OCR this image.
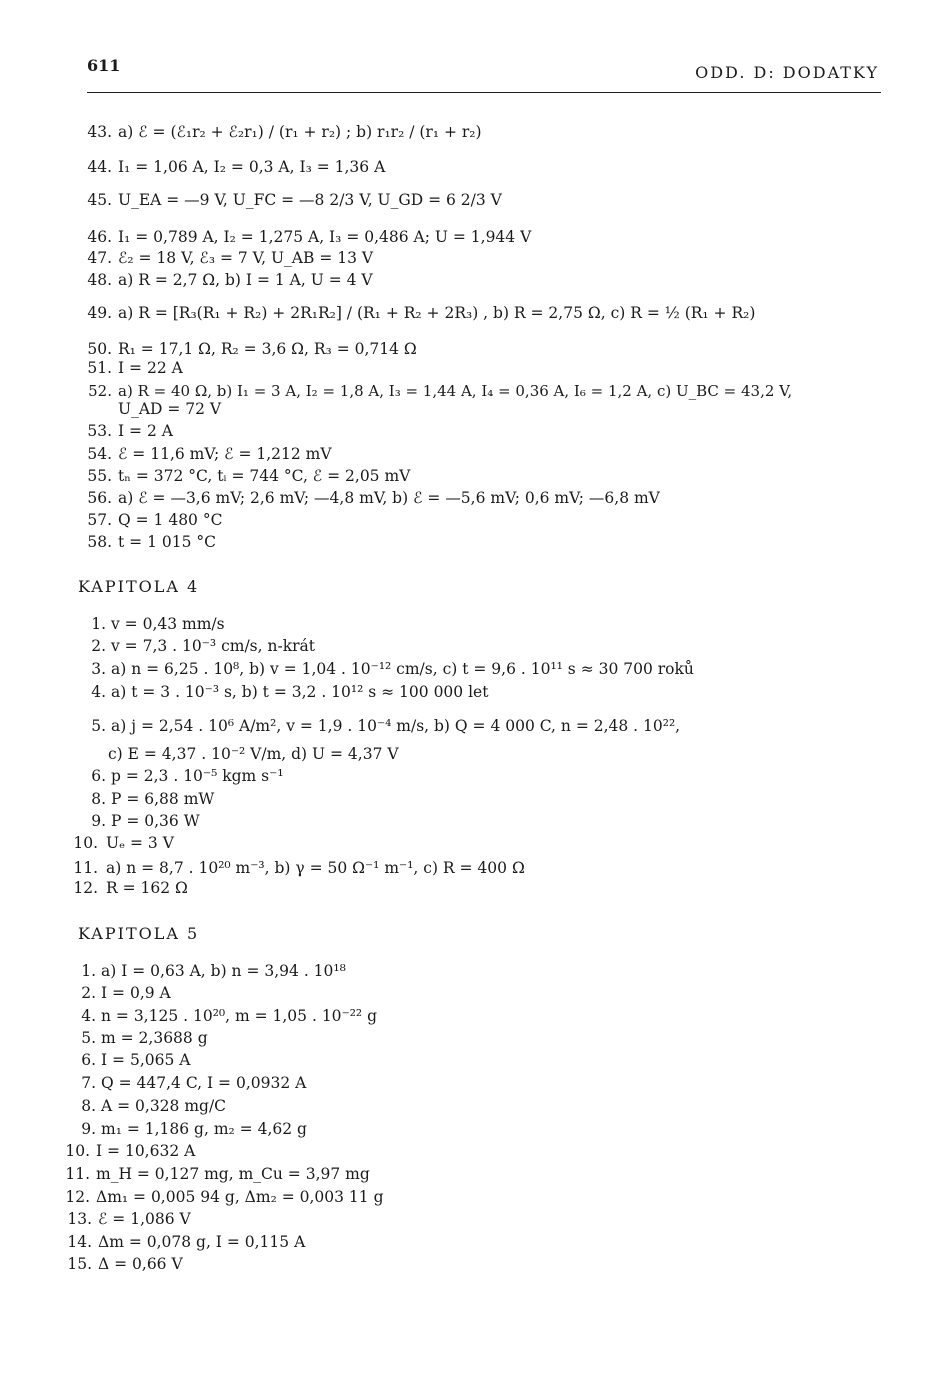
611	ODD. D: DODATKY
43. a) ℰ = (ℰ₁r₂ + ℰ₂r₁) / (r₁ + r₂) ; b) r₁r₂ / (r₁ + r₂)
44. I₁ = 1,06 A, I₂ = 0,3 A, I₃ = 1,36 A
45. U_EA = —9 V, U_FC = —8 2/3 V, U_GD = 6 2/3 V
46. I₁ = 0,789 A, I₂ = 1,275 A, I₃ = 0,486 A; U = 1,944 V
47. ℰ₂ = 18 V, ℰ₃ = 7 V, U_AB = 13 V
48. a) R = 2,7 Ω, b) I = 1 A, U = 4 V
49. a) R = [R₃(R₁ + R₂) + 2R₁R₂] / (R₁ + R₂ + 2R₃) , b) R = 2,75 Ω, c) R = ½ (R₁ + R₂)
50. R₁ = 17,1 Ω, R₂ = 3,6 Ω, R₃ = 0,714 Ω
51. I = 22 A
52. a) R = 40 Ω, b) I₁ = 3 A, I₂ = 1,8 A, I₃ = 1,44 A, I₄ = 0,36 A, I₆ = 1,2 A, c) U_BC = 43,2 V,
U_AD = 72 V
53. I = 2 A
54. ℰ = 11,6 mV; ℰ = 1,212 mV
55. tₙ = 372 °C, tᵢ = 744 °C, ℰ = 2,05 mV
56. a) ℰ = —3,6 mV; 2,6 mV; —4,8 mV, b) ℰ = —5,6 mV; 0,6 mV; —6,8 mV
57. Q = 1 480 °C
58. t = 1 015 °C
KAPITOLA 4
1. v = 0,43 mm/s
2. v = 7,3 . 10⁻³ cm/s, n-krát
3. a) n = 6,25 . 10⁸, b) v = 1,04 . 10⁻¹² cm/s, c) t = 9,6 . 10¹¹ s ≈ 30 700 roků
4. a) t = 3 . 10⁻³ s, b) t = 3,2 . 10¹² s ≈ 100 000 let
5. a) j = 2,54 . 10⁶ A/m², v = 1,9 . 10⁻⁴ m/s, b) Q = 4 000 C, n = 2,48 . 10²²,
c) E = 4,37 . 10⁻² V/m, d) U = 4,37 V
6. p = 2,3 . 10⁻⁵ kgm s⁻¹
8. P = 6,88 mW
9. P = 0,36 W
10. Uₑ = 3 V
11. a) n = 8,7 . 10²⁰ m⁻³, b) γ = 50 Ω⁻¹ m⁻¹, c) R = 400 Ω
12. R = 162 Ω
KAPITOLA 5
1. a) I = 0,63 A, b) n = 3,94 . 10¹⁸
2. I = 0,9 A
4. n = 3,125 . 10²⁰, m = 1,05 . 10⁻²² g
5. m = 2,3688 g
6. I = 5,065 A
7. Q = 447,4 C, I = 0,0932 A
8. A = 0,328 mg/C
9. m₁ = 1,186 g, m₂ = 4,62 g
10. I = 10,632 A
11. m_H = 0,127 mg, m_Cu = 3,97 mg
12. Δm₁ = 0,005 94 g, Δm₂ = 0,003 11 g
13. ℰ = 1,086 V
14. Δm = 0,078 g, I = 0,115 A
15. Δ = 0,66 V
